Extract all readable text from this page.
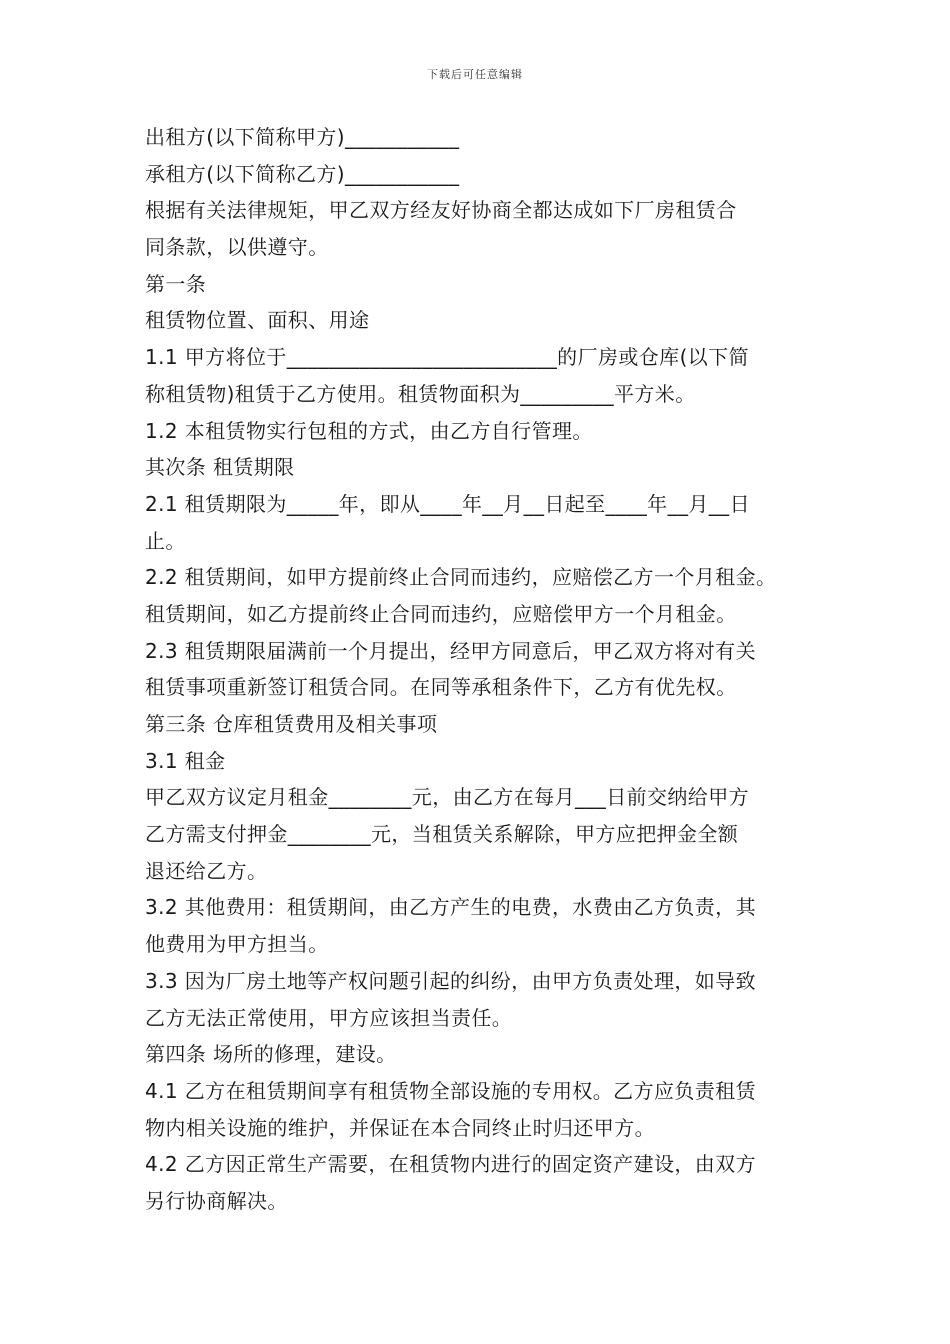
下载后可任意编辑
出租方(以下简称甲方)___________
承租方(以下简称乙方)___________
根据有关法律规矩，甲乙双方经友好协商全都达成如下厂房租赁合
同条款，以供遵守。
第一条
租赁物位置、面积、用途
1.1 甲方将位于__________________________的厂房或仓库(以下简
称租赁物)租赁于乙方使用。租赁物面积为_________平方米。
1.2 本租赁物实行包租的方式，由乙方自行管理。
其次条 租赁期限
2.1 租赁期限为_____年，即从____年__月__日起至____年__月__日
止。
2.2 租赁期间，如甲方提前终止合同而违约，应赔偿乙方一个月租金。
租赁期间，如乙方提前终止合同而违约，应赔偿甲方一个月租金。
2.3 租赁期限届满前一个月提出，经甲方同意后，甲乙双方将对有关
租赁事项重新签订租赁合同。在同等承租条件下，乙方有优先权。
第三条 仓库租赁费用及相关事项
3.1 租金
甲乙双方议定月租金________元，由乙方在每月___日前交纳给甲方
乙方需支付押金________元，当租赁关系解除，甲方应把押金全额
退还给乙方。
3.2 其他费用：租赁期间，由乙方产生的电费，水费由乙方负责，其
他费用为甲方担当。
3.3 因为厂房土地等产权问题引起的纠纷，由甲方负责处理，如导致
乙方无法正常使用，甲方应该担当责任。
第四条 场所的修理，建设。
4.1 乙方在租赁期间享有租赁物全部设施的专用权。乙方应负责租赁
物内相关设施的维护，并保证在本合同终止时归还甲方。
4.2 乙方因正常生产需要，在租赁物内进行的固定资产建设，由双方
另行协商解决。
